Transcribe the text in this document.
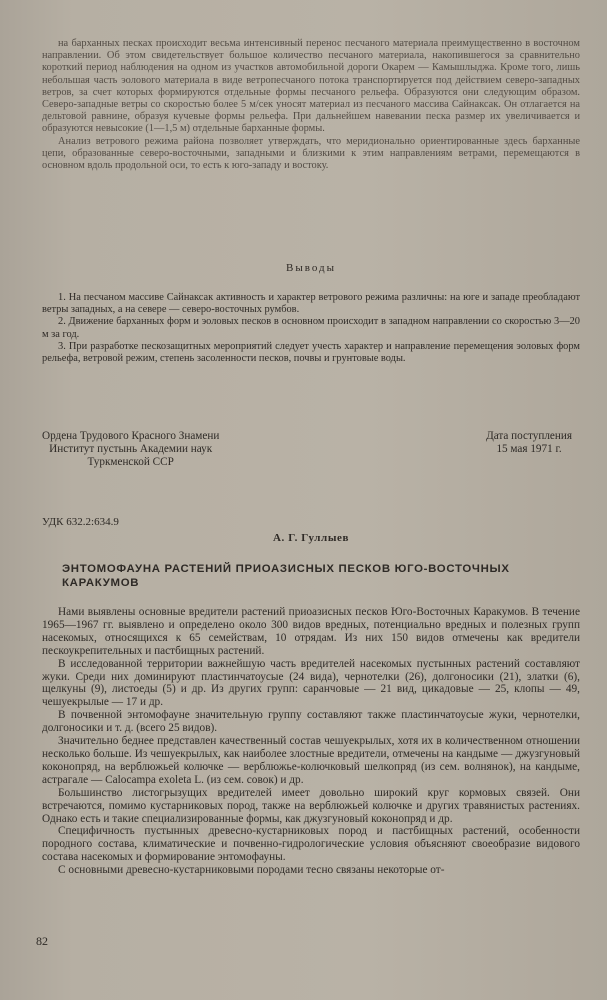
на барханных песках происходит весьма интенсивный перенос песчаного материала преимущественно в восточном направлении. Об этом свидетельствует большое количество песчаного материала, накопившегося за сравнительно короткий период наблюдения на одном из участков автомобильной дороги Окарем — Камышлыджа. Кроме того, лишь небольшая часть эолового материала в виде ветропесчаного потока транспортируется под действием северо-западных ветров, за счет которых формируются отдельные формы песчаного рельефа. Образуются они следующим образом. Северо-западные ветры со скоростью более 5 м/сек уносят материал из песчаного массива Сайнаксак. Он отлагается на дельтовой равнине, образуя кучевые формы рельефа. При дальнейшем навевании песка размер их увеличивается и образуются невысокие (1—1,5 м) отдельные барханные формы.

Анализ ветрового режима района позволяет утверждать, что меридионально ориентированные здесь барханные цепи, образованные северо-восточными, западными и близкими к этим направлениям ветрами, перемещаются в основном вдоль продольной оси, то есть к юго-западу и востоку.

Выводы

1. На песчаном массиве Сайнаксак активность и характер ветрового режима различны: на юге и западе преобладают ветры западных, а на севере — северо-восточных румбов.

2. Движение барханных форм и эоловых песков в основном происходит в западном направлении со скоростью 3—20 м за год.

3. При разработке пескозащитных мероприятий следует учесть характер и направление перемещения эоловых форм рельефа, ветровой режим, степень засоленности песков, почвы и грунтовые воды.

Ордена Трудового Красного Знамени
Институт пустынь Академии наук
Туркменской ССР
Дата поступления
15 мая 1971 г.
УДК 632.2:634.9
А. Г. Гуллыев

ЭНТОМОФАУНА РАСТЕНИЙ ПРИОАЗИСНЫХ ПЕСКОВ ЮГО-ВОСТОЧНЫХ КАРАКУМОВ

Нами выявлены основные вредители растений приоазисных песков Юго-Восточных Каракумов. В течение 1965—1967 гг. выявлено и определено около 300 видов вредных, потенциально вредных и полезных групп насекомых, относящихся к 65 семействам, 10 отрядам. Из них 150 видов отмечены как вредители пескоукрепительных и пастбищных растений.

В исследованной территории важнейшую часть вредителей насекомых пустынных растений составляют жуки. Среди них доминируют пластинчатоусые (24 вида), чернотелки (26), долгоносики (21), златки (6), щелкуны (9), листоеды (5) и др. Из других групп: саранчовые — 21 вид, цикадовые — 25, клопы — 49, чешуекрылые — 17 и др.

В почвенной энтомофауне значительную группу составляют также пластинчатоусые жуки, чернотелки, долгоносики и т. д. (всего 25 видов).

Значительно беднее представлен качественный состав чешуекрылых, хотя их в количественном отношении несколько больше. Из чешуекрылых, как наиболее злостные вредители, отмечены на кандыме — джузгуновый коконопряд, на верблюжьей колючке — верблюжье-колючковый шелкопряд (из сем. волнянок), на кандыме, астрагале — Calocampa exoleta L. (из сем. совок) и др.

Большинство листогрызущих вредителей имеет довольно широкий круг кормовых связей. Они встречаются, помимо кустарниковых пород, также на верблюжьей колючке и других травянистых растениях. Однако есть и такие специализированные формы, как джузгуновый коконопряд и др.

Специфичность пустынных древесно-кустарниковых пород и пастбищных растений, особенности породного состава, климатические и почвенно-гидрологические условия объясняют своеобразие видового состава насекомых и формирование энтомофауны.

С основными древесно-кустарниковыми породами тесно связаны некоторые от-

82
